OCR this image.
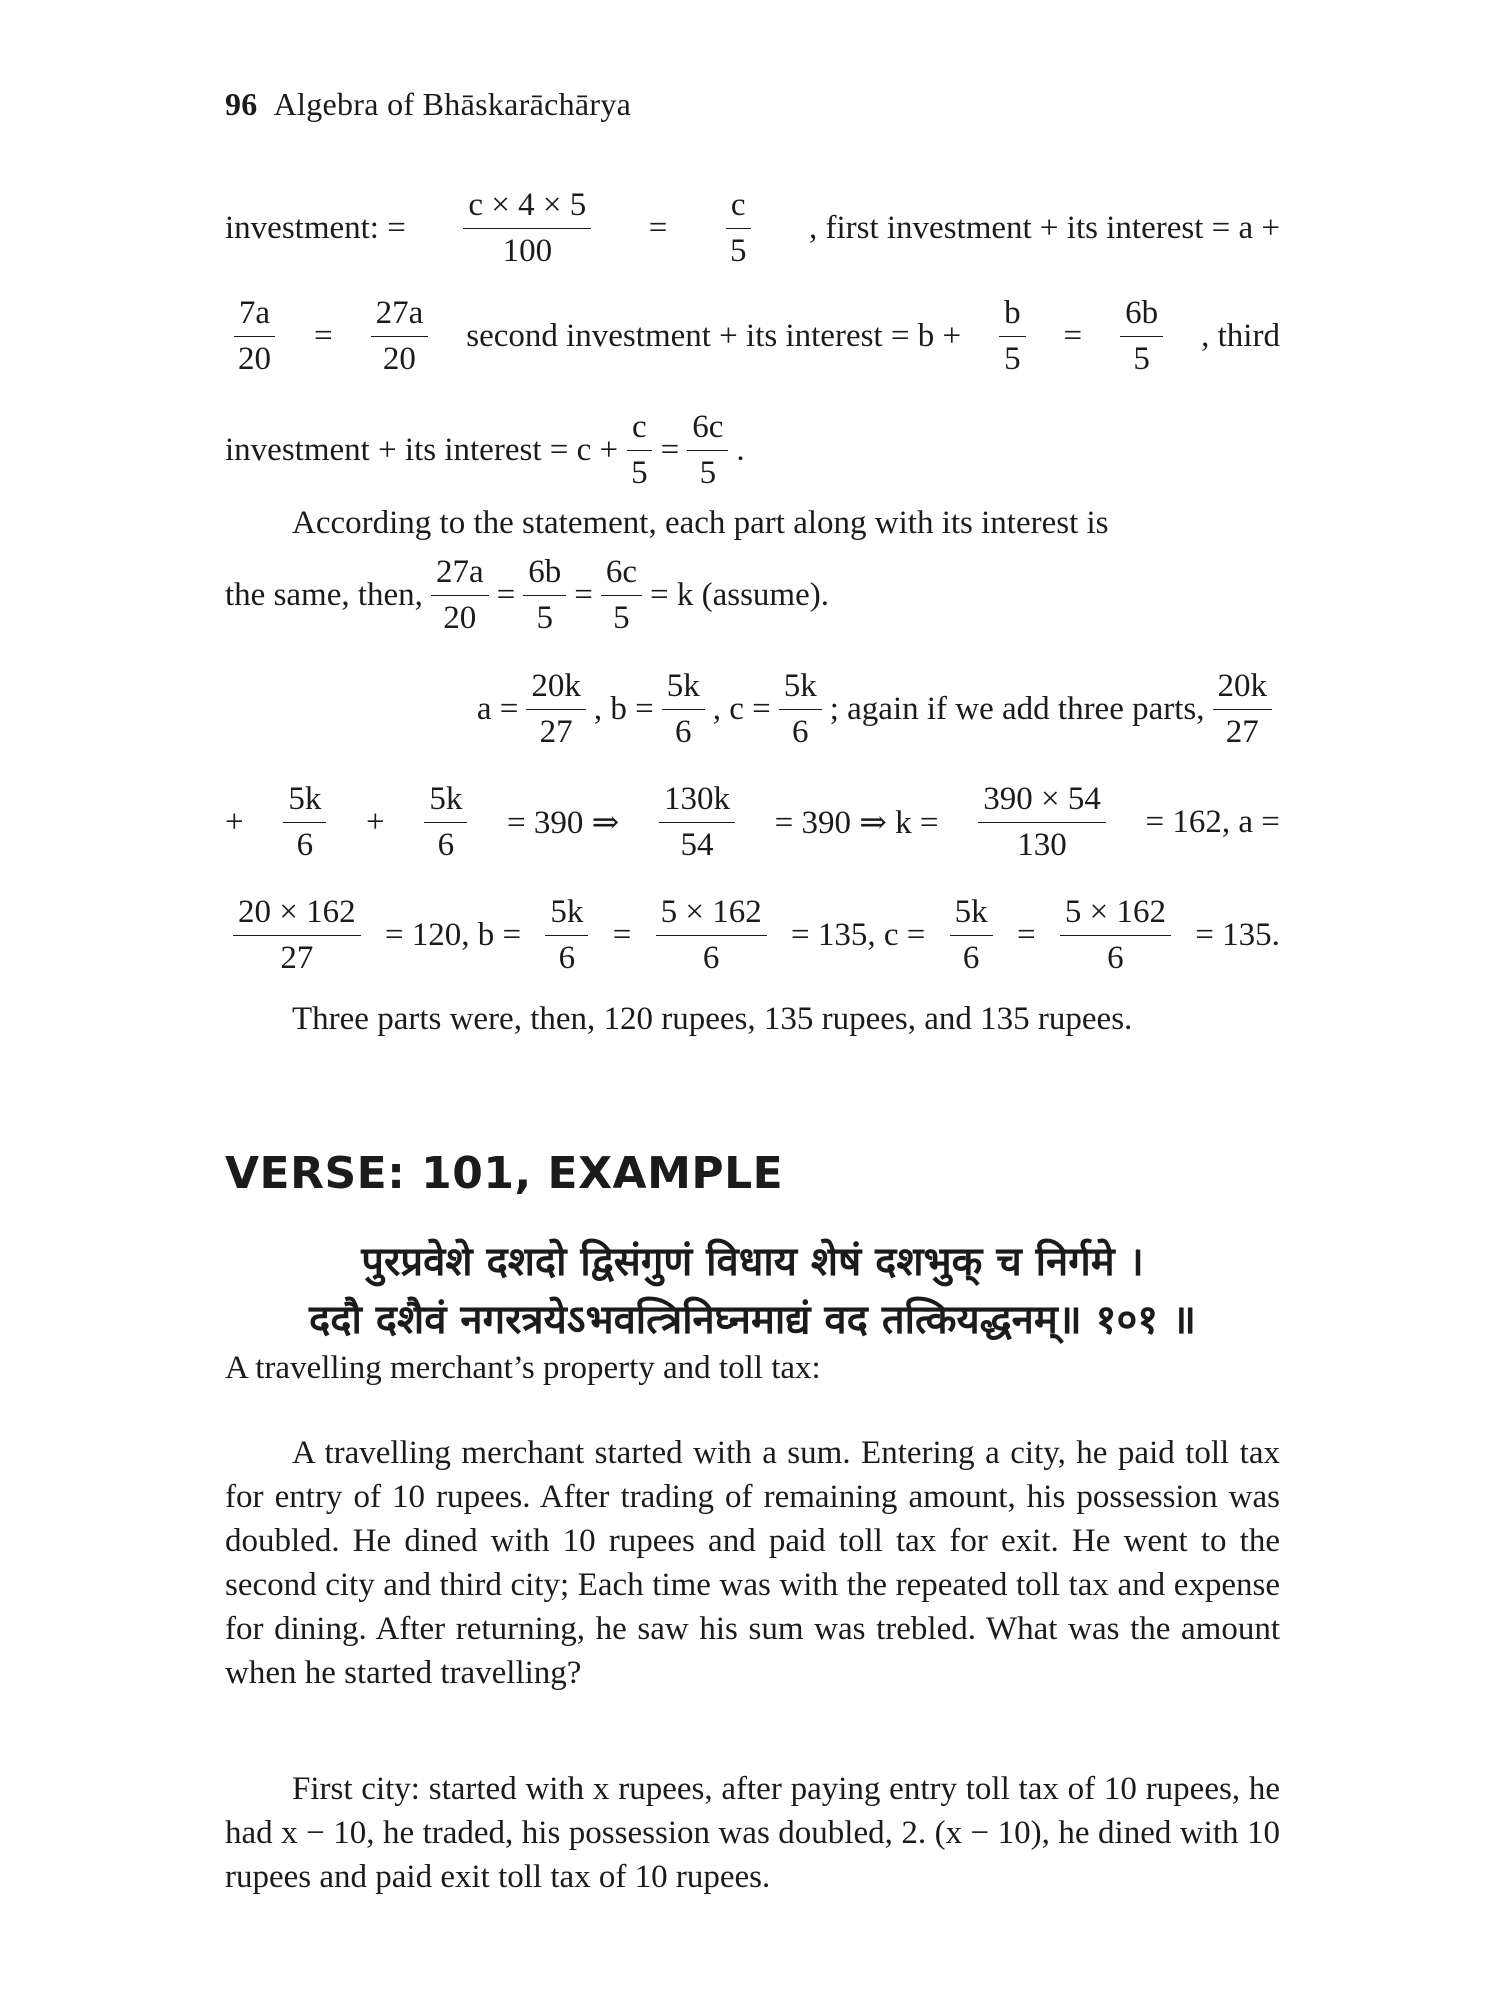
96 Algebra of Bhāskarāchārya
investment: = $\frac{c \times 4 \times 5}{100} = \frac{c}{5}$ , first investment + its interest = a +
$\frac{7a}{20} = \frac{27a}{20}$ second investment + its interest = $b + \frac{b}{5} = \frac{6b}{5}$ , third
investment + its interest = $c + \frac{c}{5} = \frac{6c}{5}$ .
According to the statement, each part along with its interest is
the same, then, $\frac{27a}{20} = \frac{6b}{5} = \frac{6c}{5} = k$ (assume).
$a = \frac{20k}{27}$ , $b = \frac{5k}{6}$ , $c = \frac{5k}{6}$ ; again if we add three parts, $\frac{20k}{27}$
+ $\frac{5k}{6} + \frac{5k}{6} = 390$ ⇒ $\frac{130k}{54} = 390$ ⇒ $k = \frac{390 \times 54}{130} = 162$, a =
$\frac{20 \times 162}{27} = 120$, $b = \frac{5k}{6} = \frac{5 \times 162}{6} = 135$, $c = \frac{5k}{6} = \frac{5 \times 162}{6} = 135$.
Three parts were, then, 120 rupees, 135 rupees, and 135 rupees.
VERSE: 101, EXAMPLE
पुरप्रवेशे दशदो द्विसंगुणं विधाय शेषं दशभुक् च निर्गमे ।
ददौ दशैवं नगरत्रयेऽभवत्त्रिनिघ्नमाद्यं वद तत्कियद्धनम्॥ १०१ ॥
A travelling merchant’s property and toll tax:
A travelling merchant started with a sum. Entering a city, he paid toll tax for entry of 10 rupees. After trading of remaining amount, his possession was doubled. He dined with 10 rupees and paid toll tax for exit. He went to the second city and third city; Each time was with the repeated toll tax and expense for dining. After returning, he saw his sum was trebled. What was the amount when he started travelling?
First city: started with x rupees, after paying entry toll tax of 10 rupees, he had x − 10, he traded, his possession was doubled, 2. (x − 10), he dined with 10 rupees and paid exit toll tax of 10 rupees.
